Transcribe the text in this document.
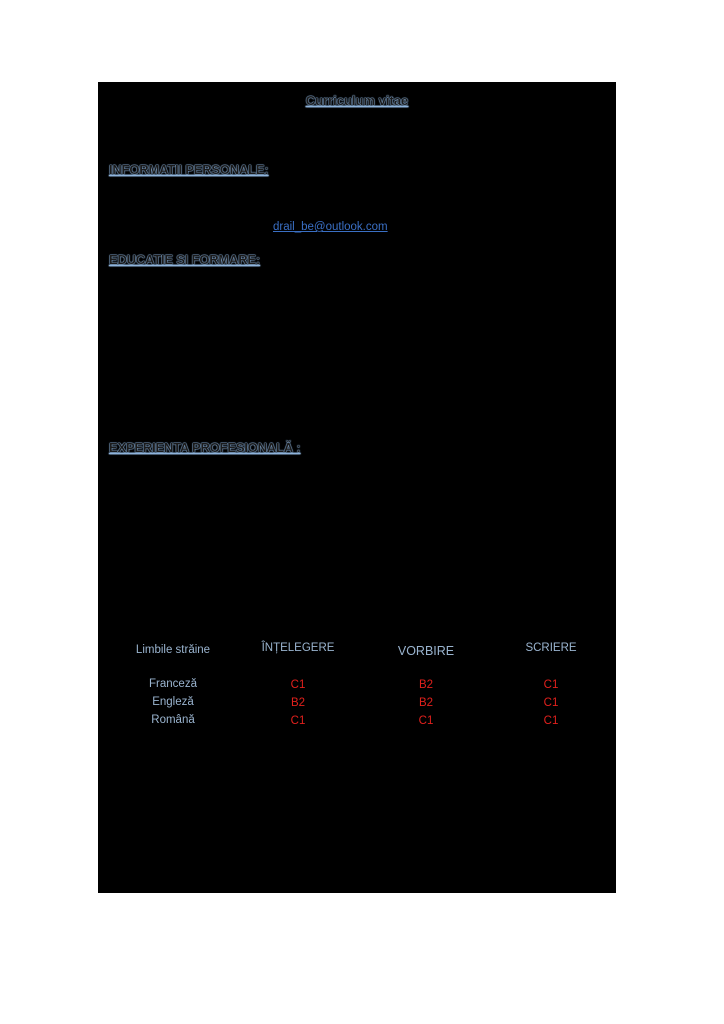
Curriculum vitae
INFORMATII PERSONALE:
drail_be@outlook.com
EDUCATIE SI FORMARE:
EXPERIENTA PROFESIONALĂ :
Limbile străine	ÎNȚELEGERE	VORBIRE	SCRIERE
Franceză	C1	B2	C1
Engleză	B2	B2	C1
Română	C1	C1	C1
